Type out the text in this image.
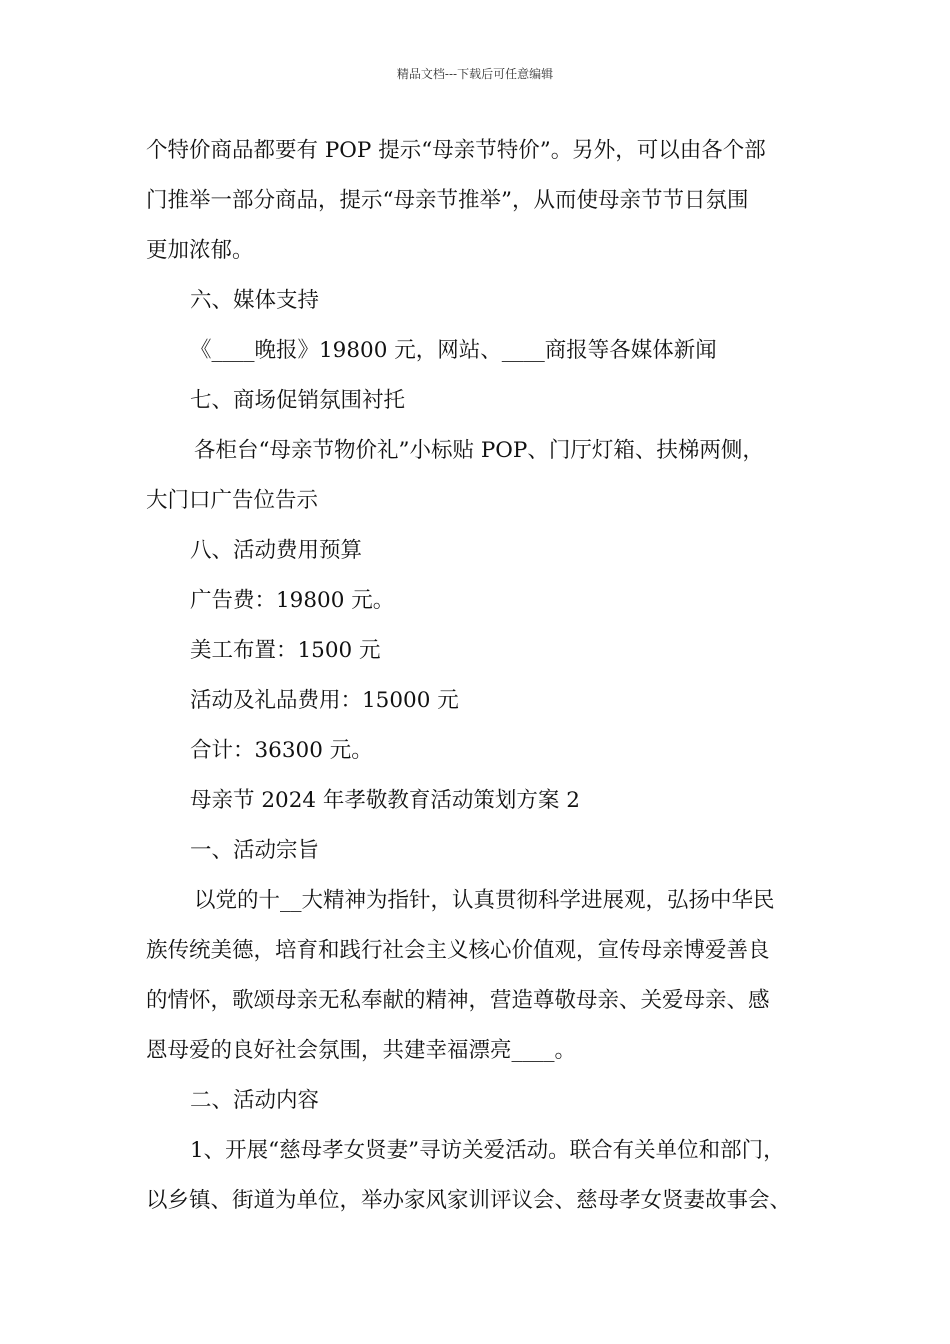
精品文档---下载后可任意编辑
个特价商品都要有 POP 提示“母亲节特价”。另外，可以由各个部
门推举一部分商品，提示“母亲节推举”，从而使母亲节节日氛围
更加浓郁。
六、媒体支持
《____晚报》19800 元，网站、____商报等各媒体新闻
七、商场促销氛围衬托
各柜台“母亲节物价礼”小标贴 POP、门厅灯箱、扶梯两侧，
大门口广告位告示
八、活动费用预算
广告费：19800 元。
美工布置：1500 元
活动及礼品费用：15000 元
合计：36300 元。
母亲节 2024 年孝敬教育活动策划方案 2
一、活动宗旨
以党的十__大精神为指针，认真贯彻科学进展观，弘扬中华民
族传统美德，培育和践行社会主义核心价值观，宣传母亲博爱善良
的情怀，歌颂母亲无私奉献的精神，营造尊敬母亲、关爱母亲、感
恩母爱的良好社会氛围，共建幸福漂亮____。
二、活动内容
1、开展“慈母孝女贤妻”寻访关爱活动。联合有关单位和部门，
以乡镇、街道为单位，举办家风家训评议会、慈母孝女贤妻故事会、
